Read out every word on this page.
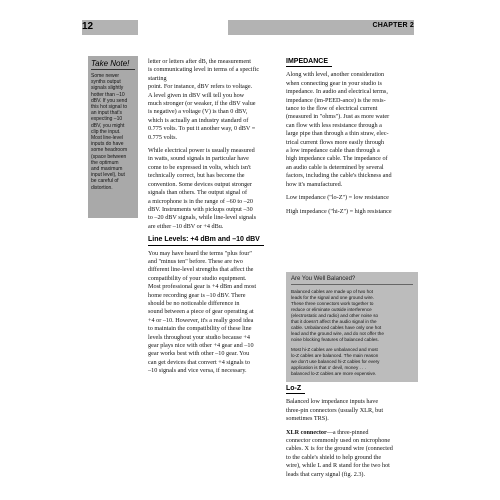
12	CHAPTER 2
Take Note!
Some newer
synths output
signals slightly
hotter than –10
dBV. If you send
this hot signal to
an input that's
expecting –10
dBV, you might
clip the input.
Most line-level
inputs do have
some headroom
(space between
the optimum
and maximum
input level), but
be careful of
distortion.

letter or letters after dB, the measurement
is communicating level in terms of a specific starting
point. For instance, dBV refers to voltage.
A level given in dBV will tell you how
much stronger (or weaker, if the dBV value
is negative) a voltage (V) is than 0 dBV,
which is actually an industry standard of
0.775 volts. To put it another way, 0 dBV =
0.775 volts.

While electrical power is usually measured
in watts, sound signals in particular have
come to be expressed in volts, which isn't
technically correct, but has become the
convention. Some devices output stronger
signals than others. The output signal of
a microphone is in the range of –60 to –20
dBV. Instruments with pickups output –30
to –20 dBV signals, while line-level signals
are either –10 dBV or +4 dBu.

Line Levels: +4 dBm and –10 dBV

You may have heard the terms "plus four"
and "minus ten" before. These are two
different line-level strengths that affect the
compatibility of your studio equipment.
Most professional gear is +4 dBm and most
home recording gear is –10 dBV. There
should be no noticeable difference in
sound between a piece of gear operating at
+4 or –10. However, it's a really good idea
to maintain the compatibility of these line
levels throughout your studio because +4
gear plays nice with other +4 gear and –10
gear works best with other –10 gear. You
can get devices that convert +4 signals to
–10 signals and vice versa, if necessary.

IMPEDANCE

Along with level, another consideration
when connecting gear in your studio is
impedance. In audio and electrical terms,
impedance (im-PEED-ance) is the resis-
tance to the flow of electrical current
(measured in "ohms"). Just as more water
can flow with less resistance through a
large pipe than through a thin straw, elec-
trical current flows more easily through
a low impedance cable than through a
high impedance cable. The impedance of
an audio cable is determined by several
factors, including the cable's thickness and
how it's manufactured.

Low impedance ("lo-Z") = low resistance

High impedance ("hi-Z") = high resistance

Are You Well Balanced?
Balanced cables are made up of two hot
leads for the signal and one ground wire.
These three connectors work together to
reduce or eliminate outside interference
(electrostatic and radio) and other noise so
that it doesn't affect the audio signal in the
cable. Unbalanced cables have only one hot
lead and the ground wire, and do not offer the
noise blocking features of balanced cables.
Most hi-Z cables are unbalanced and most
lo-Z cables are balanced. The main reason
we don't use balanced hi-Z cables for every
application is that o' devil, money . . .
balanced lo-Z cables are more expensive.
Lo-Z

Balanced low impedance inputs have
three-pin connectors (usually XLR, but
sometimes TRS).

XLR connector—a three-pinned
connector commonly used on microphone
cables. X is for the ground wire (connected
to the cable's shield to help ground the
wire), while L and R stand for the two hot
leads that carry signal (fig. 2.3).
